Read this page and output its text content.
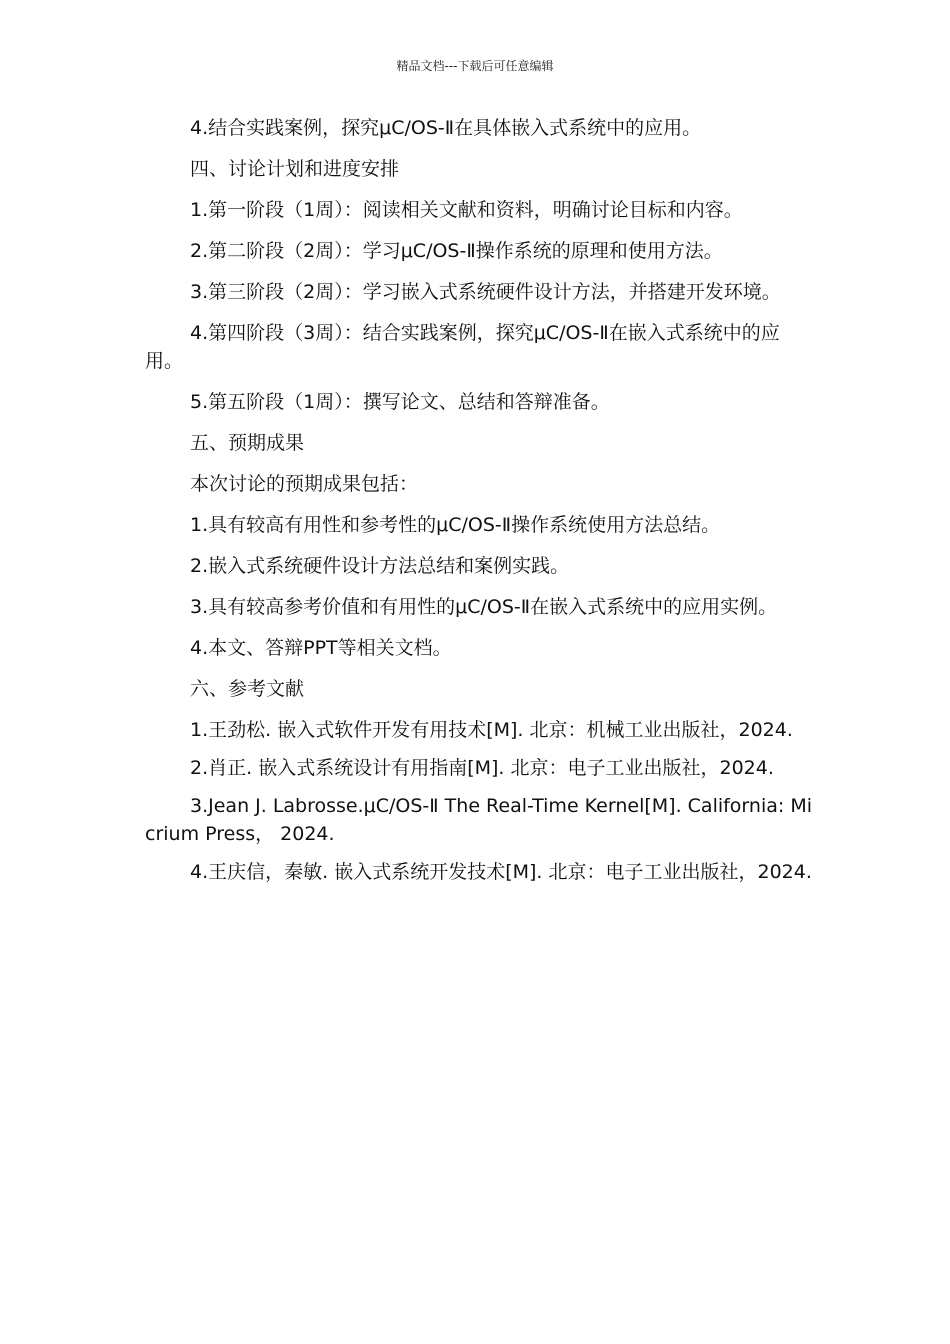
精品文档---下载后可任意编辑

4.结合实践案例，探究μC/OS-Ⅱ在具体嵌入式系统中的应用。

四、讨论计划和进度安排

1.第一阶段（1周）：阅读相关文献和资料，明确讨论目标和内容。

2.第二阶段（2周）：学习μC/OS-Ⅱ操作系统的原理和使用方法。

3.第三阶段（2周）：学习嵌入式系统硬件设计方法，并搭建开发环境。

4.第四阶段（3周）：结合实践案例，探究μC/OS-Ⅱ在嵌入式系统中的应用。

5.第五阶段（1周）：撰写论文、总结和答辩准备。

五、预期成果

本次讨论的预期成果包括：

1.具有较高有用性和参考性的μC/OS-Ⅱ操作系统使用方法总结。

2.嵌入式系统硬件设计方法总结和案例实践。

3.具有较高参考价值和有用性的μC/OS-Ⅱ在嵌入式系统中的应用实例。

4.本文、答辩PPT等相关文档。

六、参考文献

1.王劲松. 嵌入式软件开发有用技术[M]. 北京：机械工业出版社，2024.

2.肖正. 嵌入式系统设计有用指南[M]. 北京：电子工业出版社，2024.

3.Jean J. Labrosse.μC/OS-Ⅱ The Real-Time Kernel[M]. California: Micrium Press， 2024.

4.王庆信，秦敏. 嵌入式系统开发技术[M]. 北京：电子工业出版社，2024.
